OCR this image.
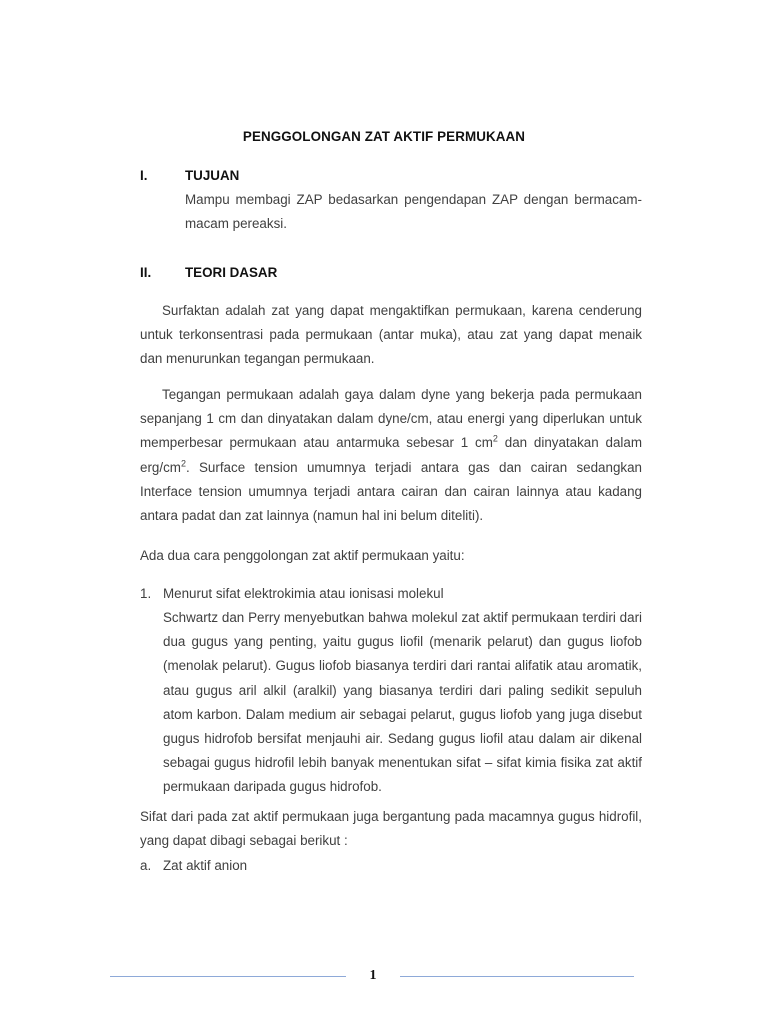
PENGGOLONGAN ZAT AKTIF PERMUKAAN
I.	TUJUAN
Mampu membagi ZAP bedasarkan pengendapan ZAP dengan bermacam-macam pereaksi.
II.	TEORI DASAR

Surfaktan adalah zat yang dapat mengaktifkan permukaan, karena cenderung untuk terkonsentrasi pada permukaan (antar muka), atau zat yang dapat menaik dan menurunkan tegangan permukaan.

Tegangan permukaan adalah gaya dalam dyne yang bekerja pada permukaan sepanjang 1 cm dan dinyatakan dalam dyne/cm, atau energi yang diperlukan untuk memperbesar permukaan atau antarmuka sebesar 1 $cm^2$ dan dinyatakan dalam erg/$cm^2$. Surface tension umumnya terjadi antara gas dan cairan sedangkan Interface tension umumnya terjadi antara cairan dan cairan lainnya atau kadang antara padat dan zat lainnya (namun hal ini belum diteliti).

Ada dua cara penggolongan zat aktif permukaan yaitu:

1. Menurut sifat elektrokimia atau ionisasi molekul

Schwartz dan Perry menyebutkan bahwa molekul zat aktif permukaan terdiri dari dua gugus yang penting, yaitu gugus liofil (menarik pelarut) dan gugus liofob (menolak pelarut). Gugus liofob biasanya terdiri dari rantai alifatik atau aromatik, atau gugus aril alkil (aralkil) yang biasanya terdiri dari paling sedikit sepuluh atom karbon. Dalam medium air sebagai pelarut, gugus liofob yang juga disebut gugus hidrofob bersifat menjauhi air. Sedang gugus liofil atau dalam air dikenal sebagai gugus hidrofil lebih banyak menentukan sifat – sifat kimia fisika zat aktif permukaan daripada gugus hidrofob.

Sifat dari pada zat aktif permukaan juga bergantung pada macamnya gugus hidrofil, yang dapat dibagi sebagai berikut :

a. Zat aktif anion
1
